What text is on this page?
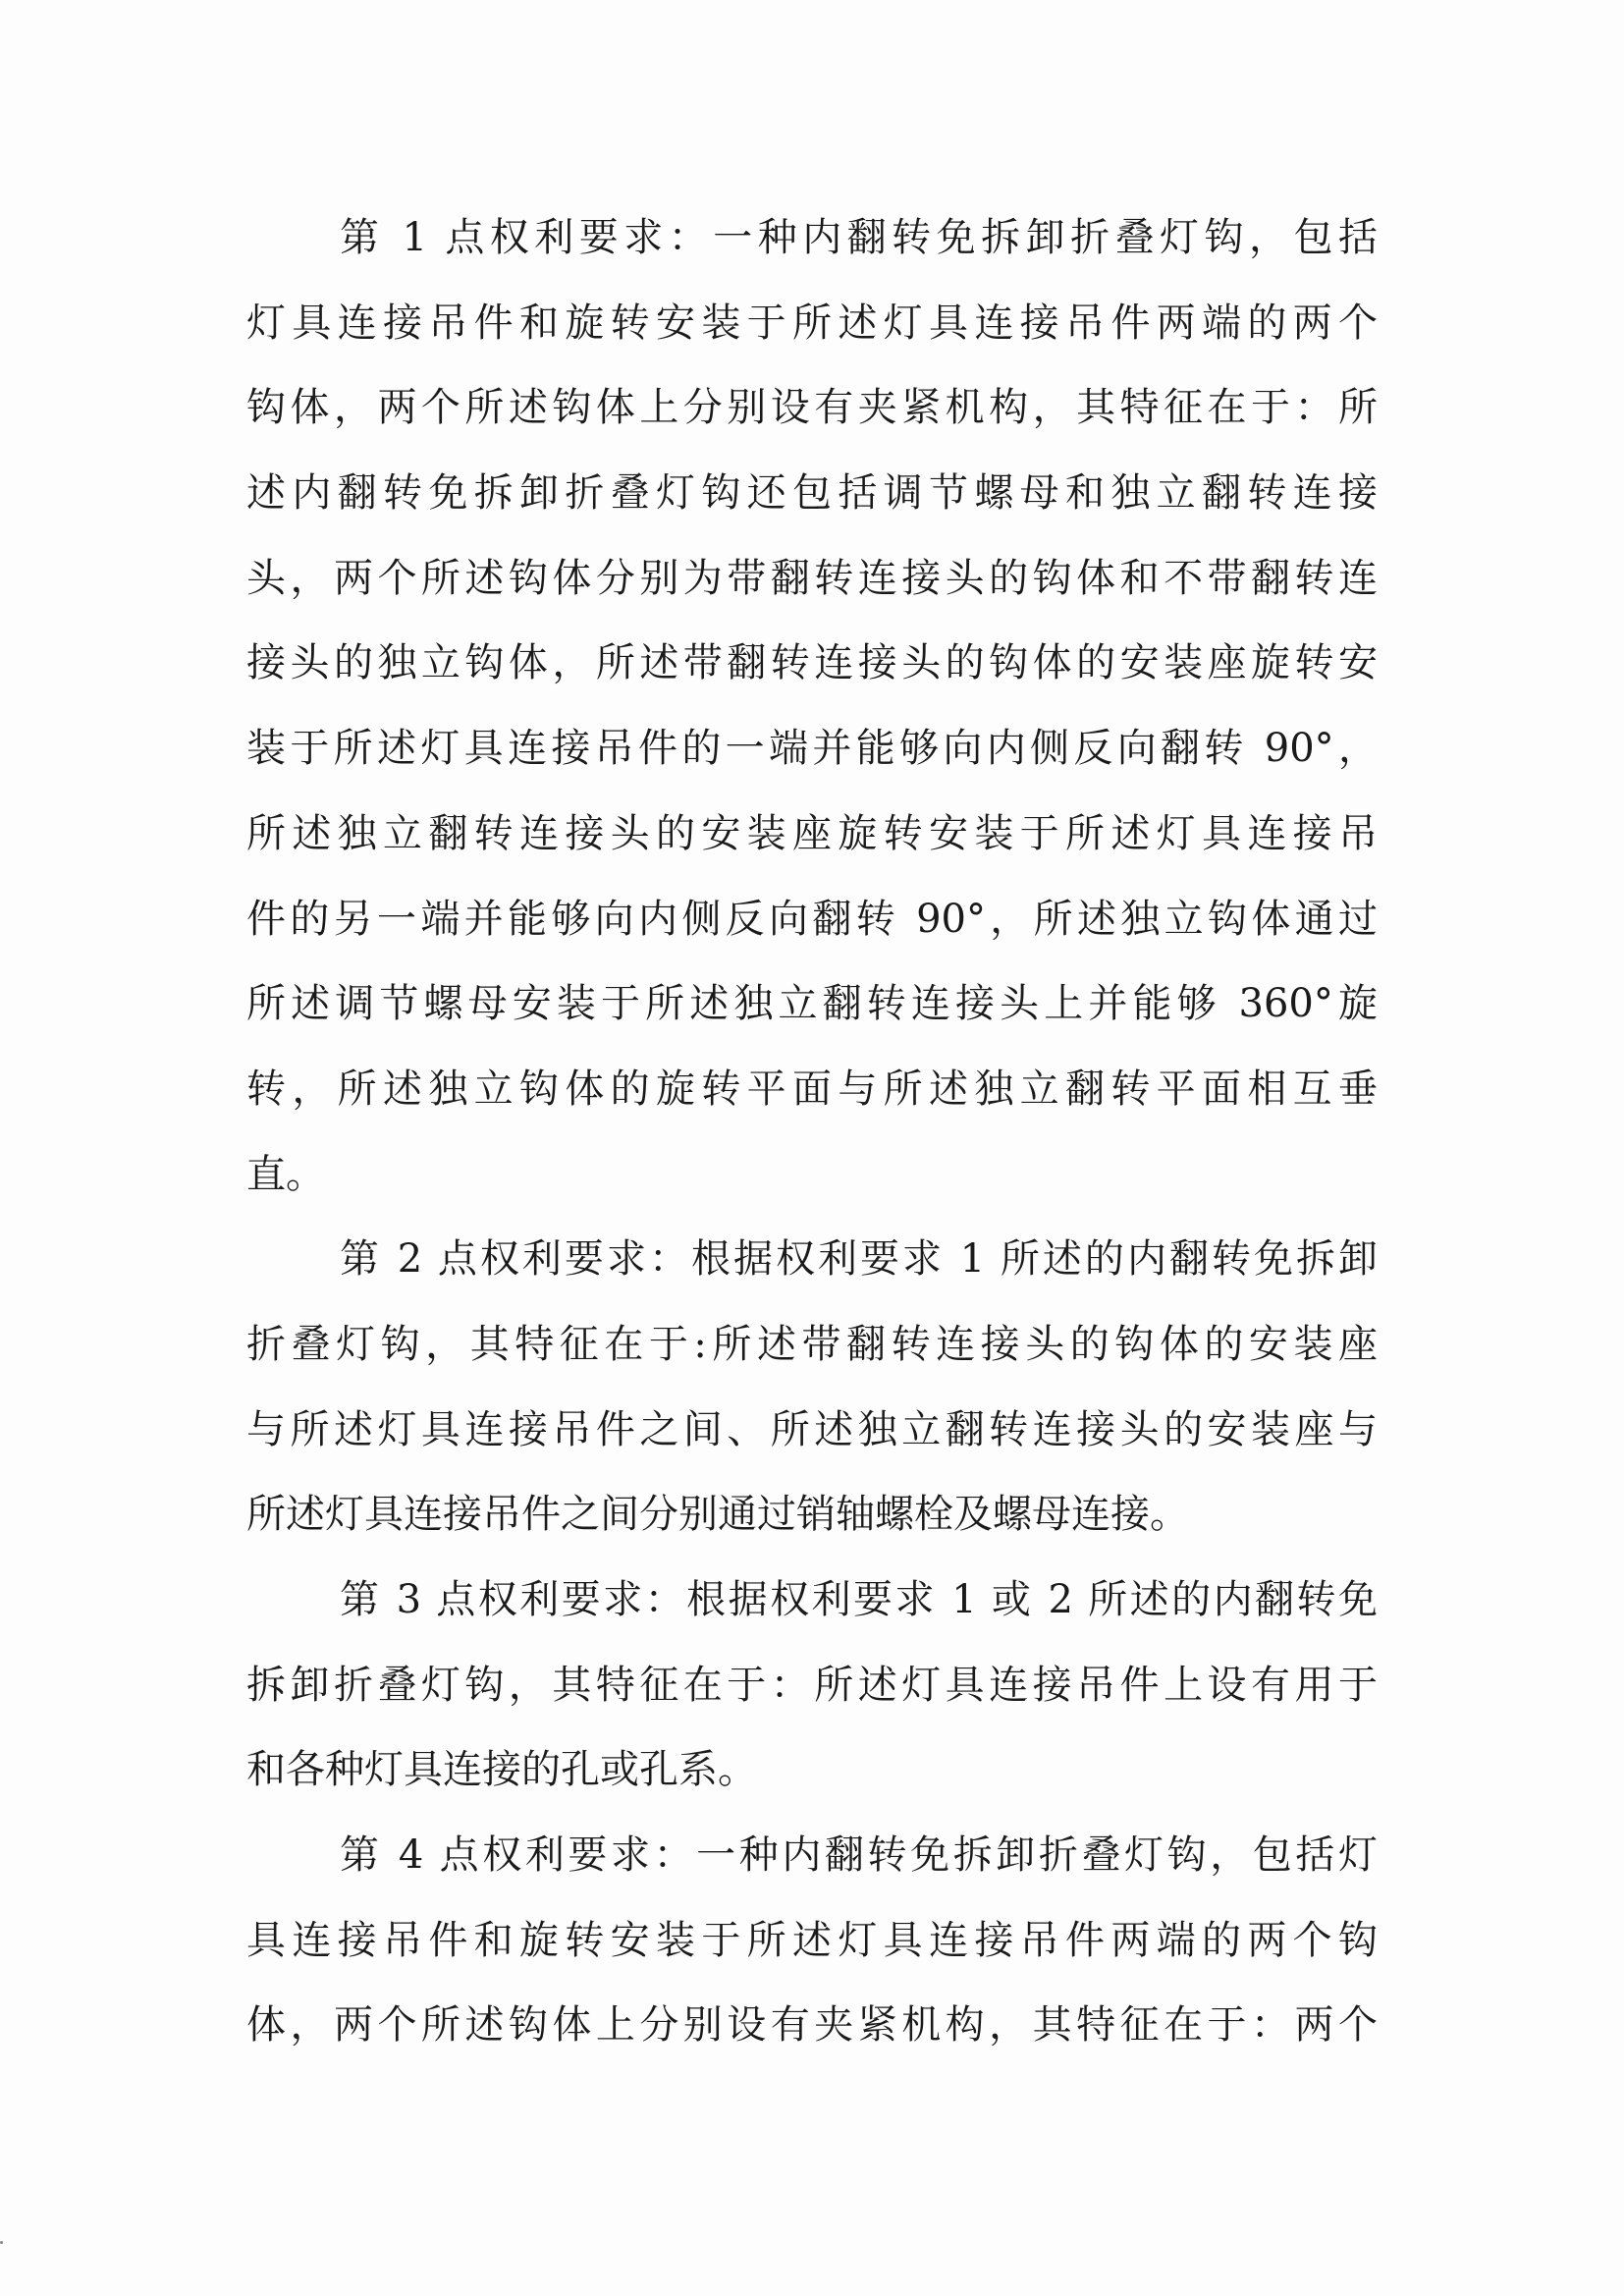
第 1 点权利要求：一种内翻转免拆卸折叠灯钩，包括
灯具连接吊件和旋转安装于所述灯具连接吊件两端的两个
钩体，两个所述钩体上分别设有夹紧机构，其特征在于：所
述内翻转免拆卸折叠灯钩还包括调节螺母和独立翻转连接
头，两个所述钩体分别为带翻转连接头的钩体和不带翻转连
接头的独立钩体，所述带翻转连接头的钩体的安装座旋转安
装于所述灯具连接吊件的一端并能够向内侧反向翻转 90°，
所述独立翻转连接头的安装座旋转安装于所述灯具连接吊
件的另一端并能够向内侧反向翻转 90°，所述独立钩体通过
所述调节螺母安装于所述独立翻转连接头上并能够 360°旋
转，所述独立钩体的旋转平面与所述独立翻转平面相互垂
直。
第 2 点权利要求：根据权利要求 1 所述的内翻转免拆卸
折叠灯钩，其特征在于:所述带翻转连接头的钩体的安装座
与所述灯具连接吊件之间、所述独立翻转连接头的安装座与
所述灯具连接吊件之间分别通过销轴螺栓及螺母连接。
第 3 点权利要求：根据权利要求 1 或 2 所述的内翻转免
拆卸折叠灯钩，其特征在于：所述灯具连接吊件上设有用于
和各种灯具连接的孔或孔系。
第 4 点权利要求：一种内翻转免拆卸折叠灯钩，包括灯
具连接吊件和旋转安装于所述灯具连接吊件两端的两个钩
体，两个所述钩体上分别设有夹紧机构，其特征在于：两个
